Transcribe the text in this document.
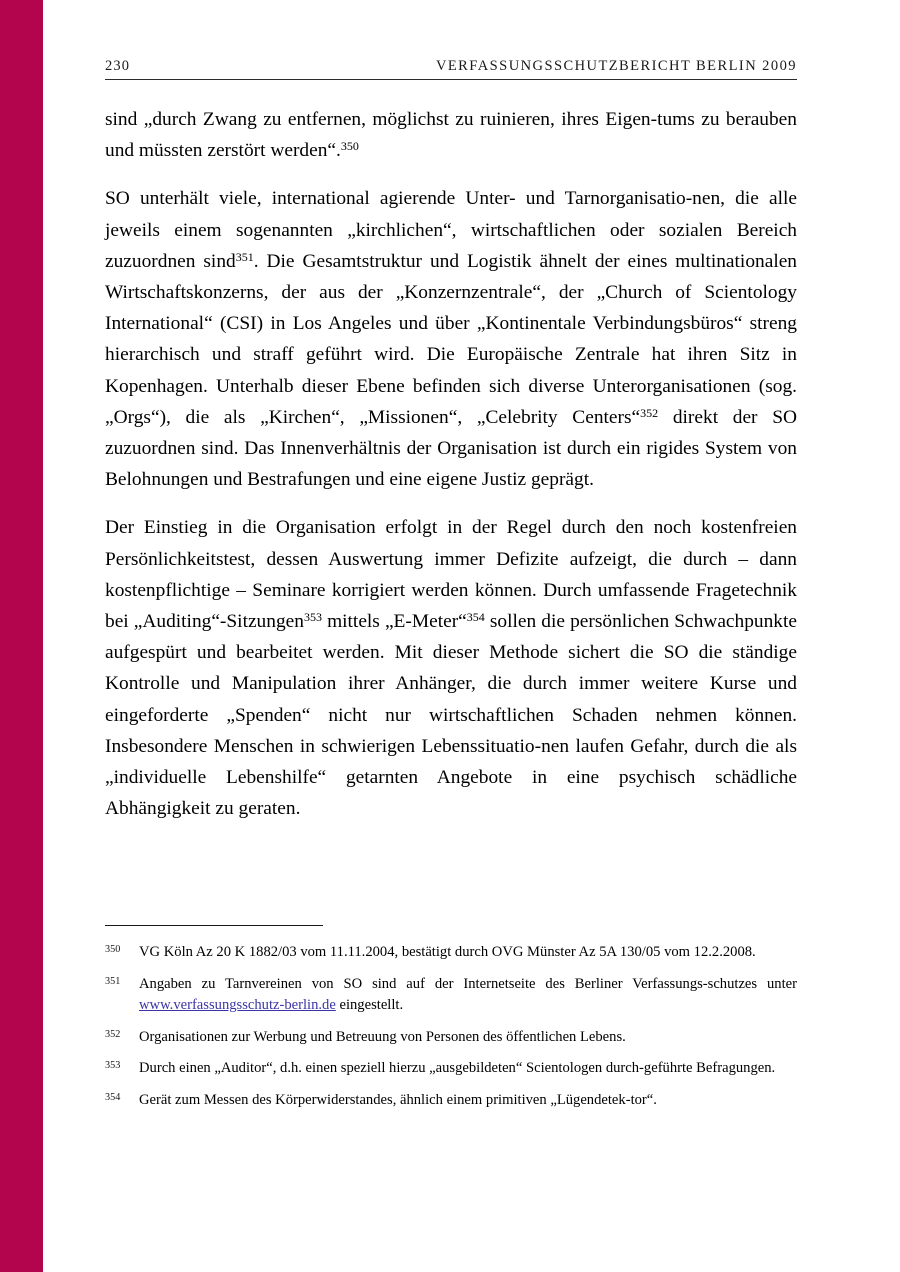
230	VERFASSUNGSSCHUTZBERICHT BERLIN 2009

sind „durch Zwang zu entfernen, möglichst zu ruinieren, ihres Eigen-tums zu berauben und müssten zerstört werden“.$^{350}$

SO unterhält viele, international agierende Unter- und Tarnorganisatio-nen, die alle jeweils einem sogenannten „kirchlichen“, wirtschaftlichen oder sozialen Bereich zuzuordnen sind$^{351}$. Die Gesamtstruktur und Logistik ähnelt der eines multinationalen Wirtschaftskonzerns, der aus der „Konzernzentrale“, der „Church of Scientology International“ (CSI) in Los Angeles und über „Kontinentale Verbindungsbüros“ streng hierarchisch und straff geführt wird. Die Europäische Zentrale hat ihren Sitz in Kopenhagen. Unterhalb dieser Ebene befinden sich diverse Unterorganisationen (sog. „Orgs“), die als „Kirchen“, „Missionen“, „Celebrity Centers“$^{352}$ direkt der SO zuzuordnen sind. Das Innenverhältnis der Organisation ist durch ein rigides System von Belohnungen und Bestrafungen und eine eigene Justiz geprägt.

Der Einstieg in die Organisation erfolgt in der Regel durch den noch kostenfreien Persönlichkeitstest, dessen Auswertung immer Defizite aufzeigt, die durch – dann kostenpflichtige – Seminare korrigiert werden können. Durch umfassende Fragetechnik bei „Auditing“-Sitzungen$^{353}$ mittels „E-Meter“$^{354}$ sollen die persönlichen Schwachpunkte aufgespürt und bearbeitet werden. Mit dieser Methode sichert die SO die ständige Kontrolle und Manipulation ihrer Anhänger, die durch immer weitere Kurse und eingeforderte „Spenden“ nicht nur wirtschaftlichen Schaden nehmen können. Insbesondere Menschen in schwierigen Lebenssituatio-nen laufen Gefahr, durch die als „individuelle Lebenshilfe“ getarnten Angebote in eine psychisch schädliche Abhängigkeit zu geraten.

350	VG Köln Az 20 K 1882/03 vom 11.11.2004, bestätigt durch OVG Münster Az 5A 130/05 vom 12.2.2008.
351	Angaben zu Tarnvereinen von SO sind auf der Internetseite des Berliner Verfassungs-schutzes unter www.verfassungsschutz-berlin.de eingestellt.
352	Organisationen zur Werbung und Betreuung von Personen des öffentlichen Lebens.
353	Durch einen „Auditor“, d.h. einen speziell hierzu „ausgebildeten“ Scientologen durch-geführte Befragungen.
354	Gerät zum Messen des Körperwiderstandes, ähnlich einem primitiven „Lügendetek-tor“.
